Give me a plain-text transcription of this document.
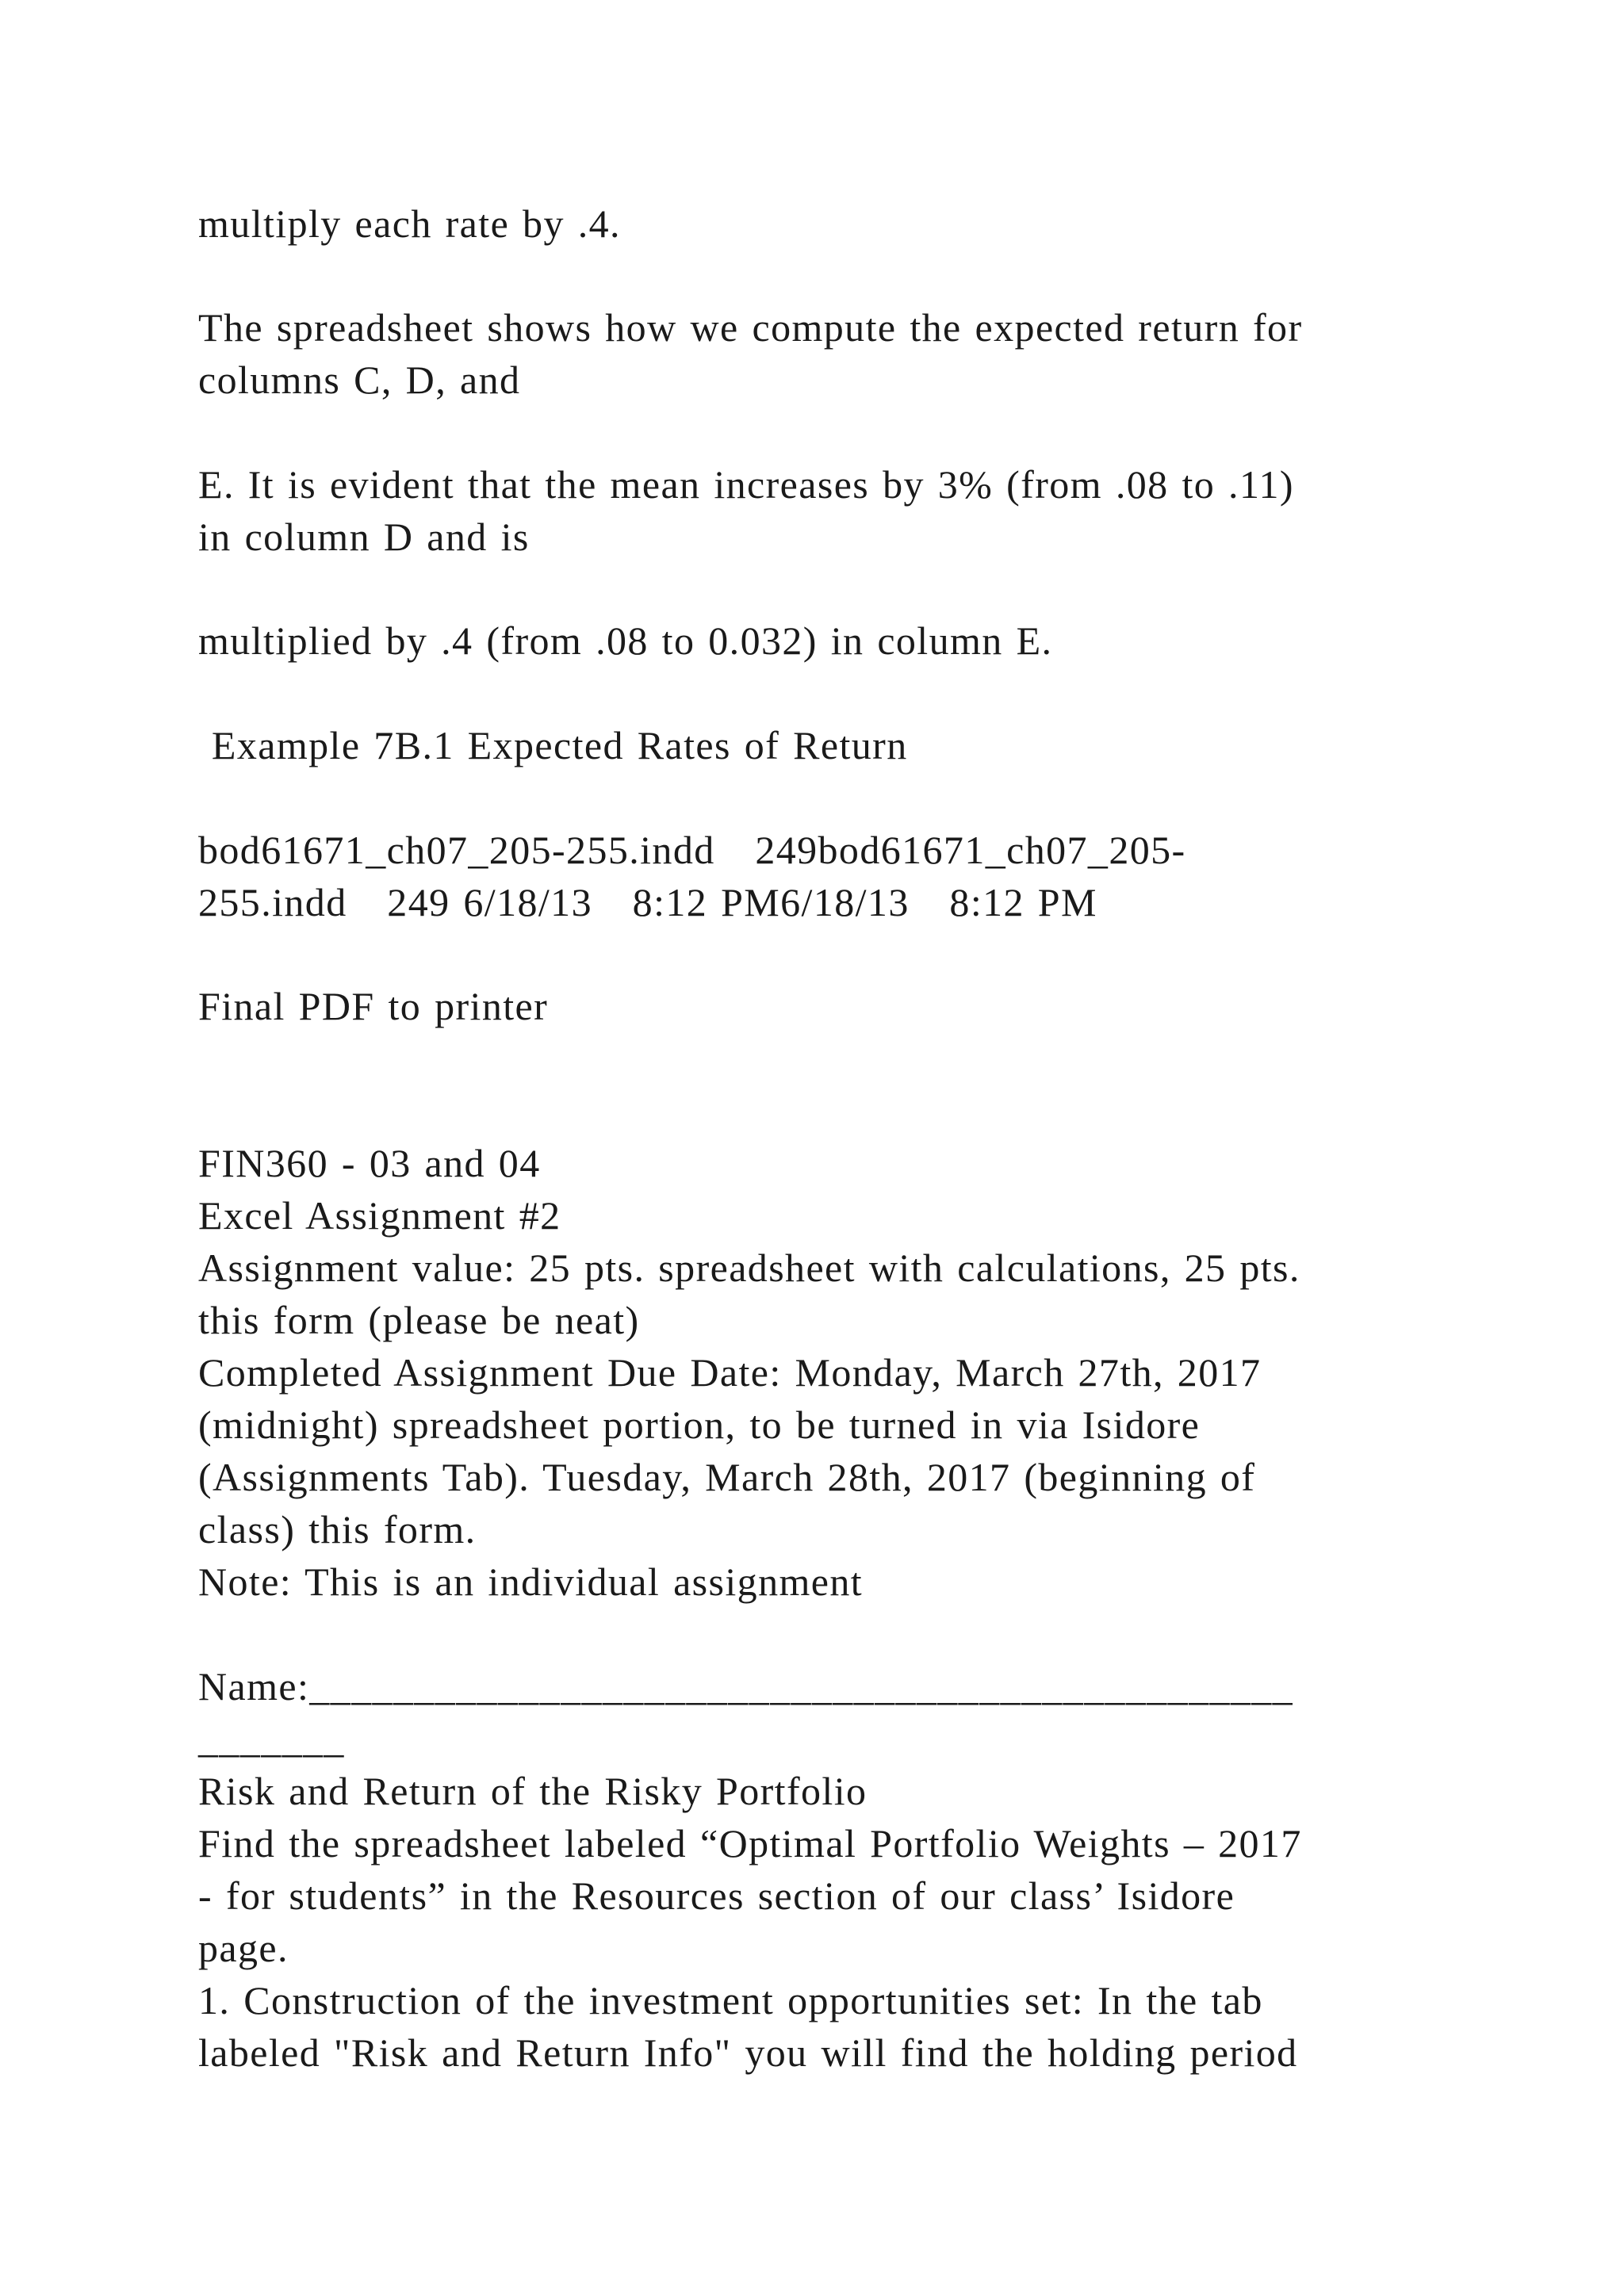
multiply each rate by .4.

The spreadsheet shows how we compute the expected return for

columns C, D, and

E. It is evident that the mean increases by 3% (from .08 to .11)

in column D and is

multiplied by .4 (from .08 to 0.032) in column E.

Example 7B.1 Expected Rates of Return

bod61671_ch07_205-255.indd   249bod61671_ch07_205-

255.indd   249 6/18/13   8:12 PM6/18/13   8:12 PM

Final PDF to printer

FIN360 - 03 and 04

Excel Assignment #2

Assignment value: 25 pts. spreadsheet with calculations, 25 pts.

this form (please be neat)

Completed Assignment Due Date: Monday, March 27th, 2017

(midnight) spreadsheet portion, to be turned in via Isidore

(Assignments Tab). Tuesday, March 28th, 2017 (beginning of

class) this form.

Note: This is an individual assignment

Name:_______________________________________________

_______

Risk and Return of the Risky Portfolio

Find the spreadsheet labeled “Optimal Portfolio Weights – 2017

- for students” in the Resources section of our class’ Isidore

page.

1. Construction of the investment opportunities set: In the tab

labeled "Risk and Return Info" you will find the holding period
